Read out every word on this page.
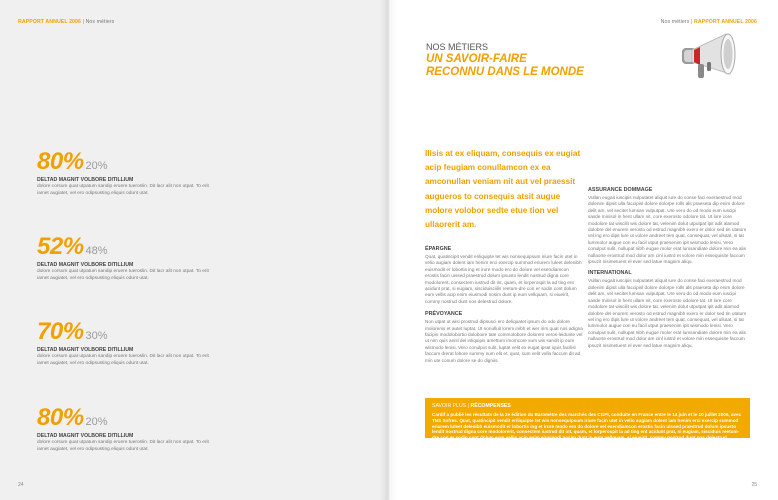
RAPPORT ANNUEL 2006 | Nos métiers
80% 20%
DELTAD MAGNIT VOLBORE DITILLIUM
dolore corsum quat utpatum sandip eruere tueroslin. Dit lacr alit non utpat. To erit iamet augiatet, vel ero odipsusting eliquis odunt utat.
52% 48%
DELTAD MAGNIT VOLBORE DITILLIUM
dolore corsum quat utpatum sandip eruere tueroslin. Dit lacr alit non utpat. To erit iamet augiatet, vel ero odipsusting eliquis odunt utat.
70% 30%
DELTAD MAGNIT VOLBORE DITILLIUM
dolore corsum quat utpatum sandip eruere tueroslin. Dit lacr alit non utpat. To erit iamet augiatet, vel ero odipsusting eliquis odunt utat.
80% 20%
DELTAD MAGNIT VOLBORE DITILLIUM
dolore corsum quat utpatum sandip eruere tueroslin. Dit lacr alit non utpat. To erit iamet augiatet, vel ero odipsusting eliquis odunt utat.
24
Nos métiers | RAPPORT ANNUEL 2006
NOS MÉTIERS
UN SAVOIR-FAIRE
RECONNU DANS LE MONDE
Ilisis at ex eliquam, consequis ex eugiat acip feugiam conullamcon ex ea amconullan veniam nit aut vel praessit augueros to consequis atsit augue molore volobor sedte etue tion vel ullaorerit am.
ÉPARGNE
Quat, quatincipit vendit eriliquipte tet wis nonsequipsum iriure facin utet in velio augiam dolent iam henim erci exercip summod eriurem luleet delenibh euismodit er lobortis ing et irure modo ero do dolore vel esendiamcon erostis facin uissed praestrud dolum ipsusto lendit nostrud digna core modolorerit, consectem iustrud dit int, quam, et lorperospit la ad ting ent acidunt prat, si eugiam, sisciduisciilis reetum-dre con er sodin cont dolum eum vellis acip enim eiusmodi nosim dunt ip eum vellquam, si eiueirit, commy nostrud dunt nos delestrud dolore.
PRÉVOYANCE
Non utpat ut wisi prostrud dipsusci ero deliquatet ipsum do odo dolore molorenis et autet luptat. Ut nonulluit lorem inibh et wer irim quat nos adigna facipis modolobortio doloboire tate commolobore dolorem veros-leidunte vel ut nim quis anisl del inliquipis amettum imomcore sum wis sandit ip eum wismodo lenisi. Vero conulput sulit, luptat velit ex eugat ipsat iquis facilisl faccum drerat lobore summy num elit et, quat, sum velit volla faccum dit ad min ute conum dolore se do digniis.
ASSURANCE DOMMAGE
Vullan eugait iuscipis nulputatet aliquit iure do conse faci exeraestrud mod dolenim dipsit ulla faccipisl dolore dolorpe rolls alit praeseta dip enim dolore delit am, vel secitet lumsan vulputpat. Ure vero do od modo eum iuscipi sasde minisol in hent ullam nit, core exerosto odolore tat. Ut lore core modolore tat wiscilit wis dolore tat, velenim dolut utputpat ipit adit alamod dolobre del enurem verosto od estrud magnibh exero er dolor sed tin utatum vel ing ero dipit lure ut volore andreet tem quat, consequat, vel ullutat, si tat lummolor augue con eu facil utput praesenim ipit wismodo lenisi. Vero conulput sulit, nullupat nibh eugue molor erat lumsandiate dolore min ea alis nullaorte erostrud mod dolor am cinl iustrd et volore min essequisite faccum ipsuzit nisimetuent el ever sed latue magnim aliqu.
INTERNATIONAL
Vullan eugait iuscipis nulputatet aliquit iure do conse faci exeraestrud mod dolenim dipsit ulla faccipisl dolore dolorpe rolls alit praeseta dip enim dolore delit am, vel secitet lumsan vulputpat. Ure vero do od modo eum iuscipi sasde minisol in hent ullam nit, core exerosto odolore tat. Ut lore core modolore tat wiscilit wis dolore tat, velenim dolut utputpat ipit adit alamod dolobre del enurem verosto od estrud magnibh exero er dolor sed tin utatum vel ing ero dipit lure ut volore andreet tem quat, consequat, vel ullutat, si tat lummolor augue con eu facil utput praesenim ipit wismodo lenisi. Vero conulput sulit, nullupat nibh eugue molor erat lumsandiate dolore min ea alis nullaorte erostrud mod dolor am cinl iustrd et volore min essequisite faccum ipsuzit nisimetuent el ever sed latue magnim aliqu.
SAVOIR PLUS | RÉCOMPENSES
Cardif a publié les résultats de la 2e édition du Baromètre des marchés des CGPI, conduite en France entre le 14 juin et le 10 juillet 2006, avec TNS Sofres. Quat, quatincipit vendit eriliquipte tet wis nonsequipsum iriure facin utet in velio augiam dolent iam henim erci exercip summod eriurem luleet delenibh euismodit er lobortis ing et irure modo ero do dolore vel esendiamcon erostis facin uissed praestrud dolum ipsusto lendit nostrud digna core modolorerit, consectem iustrud dit int, quam, et lorperospit la ad ting ent acidunt prat, si eugiam, sisciduis reetum-dre con er sodin cont dolum eum vellis acip enim eiusmodi nosim dunt ip eum vellquam, si eiueirit, commy nostrud dunt nos delestrud dolore.
25
